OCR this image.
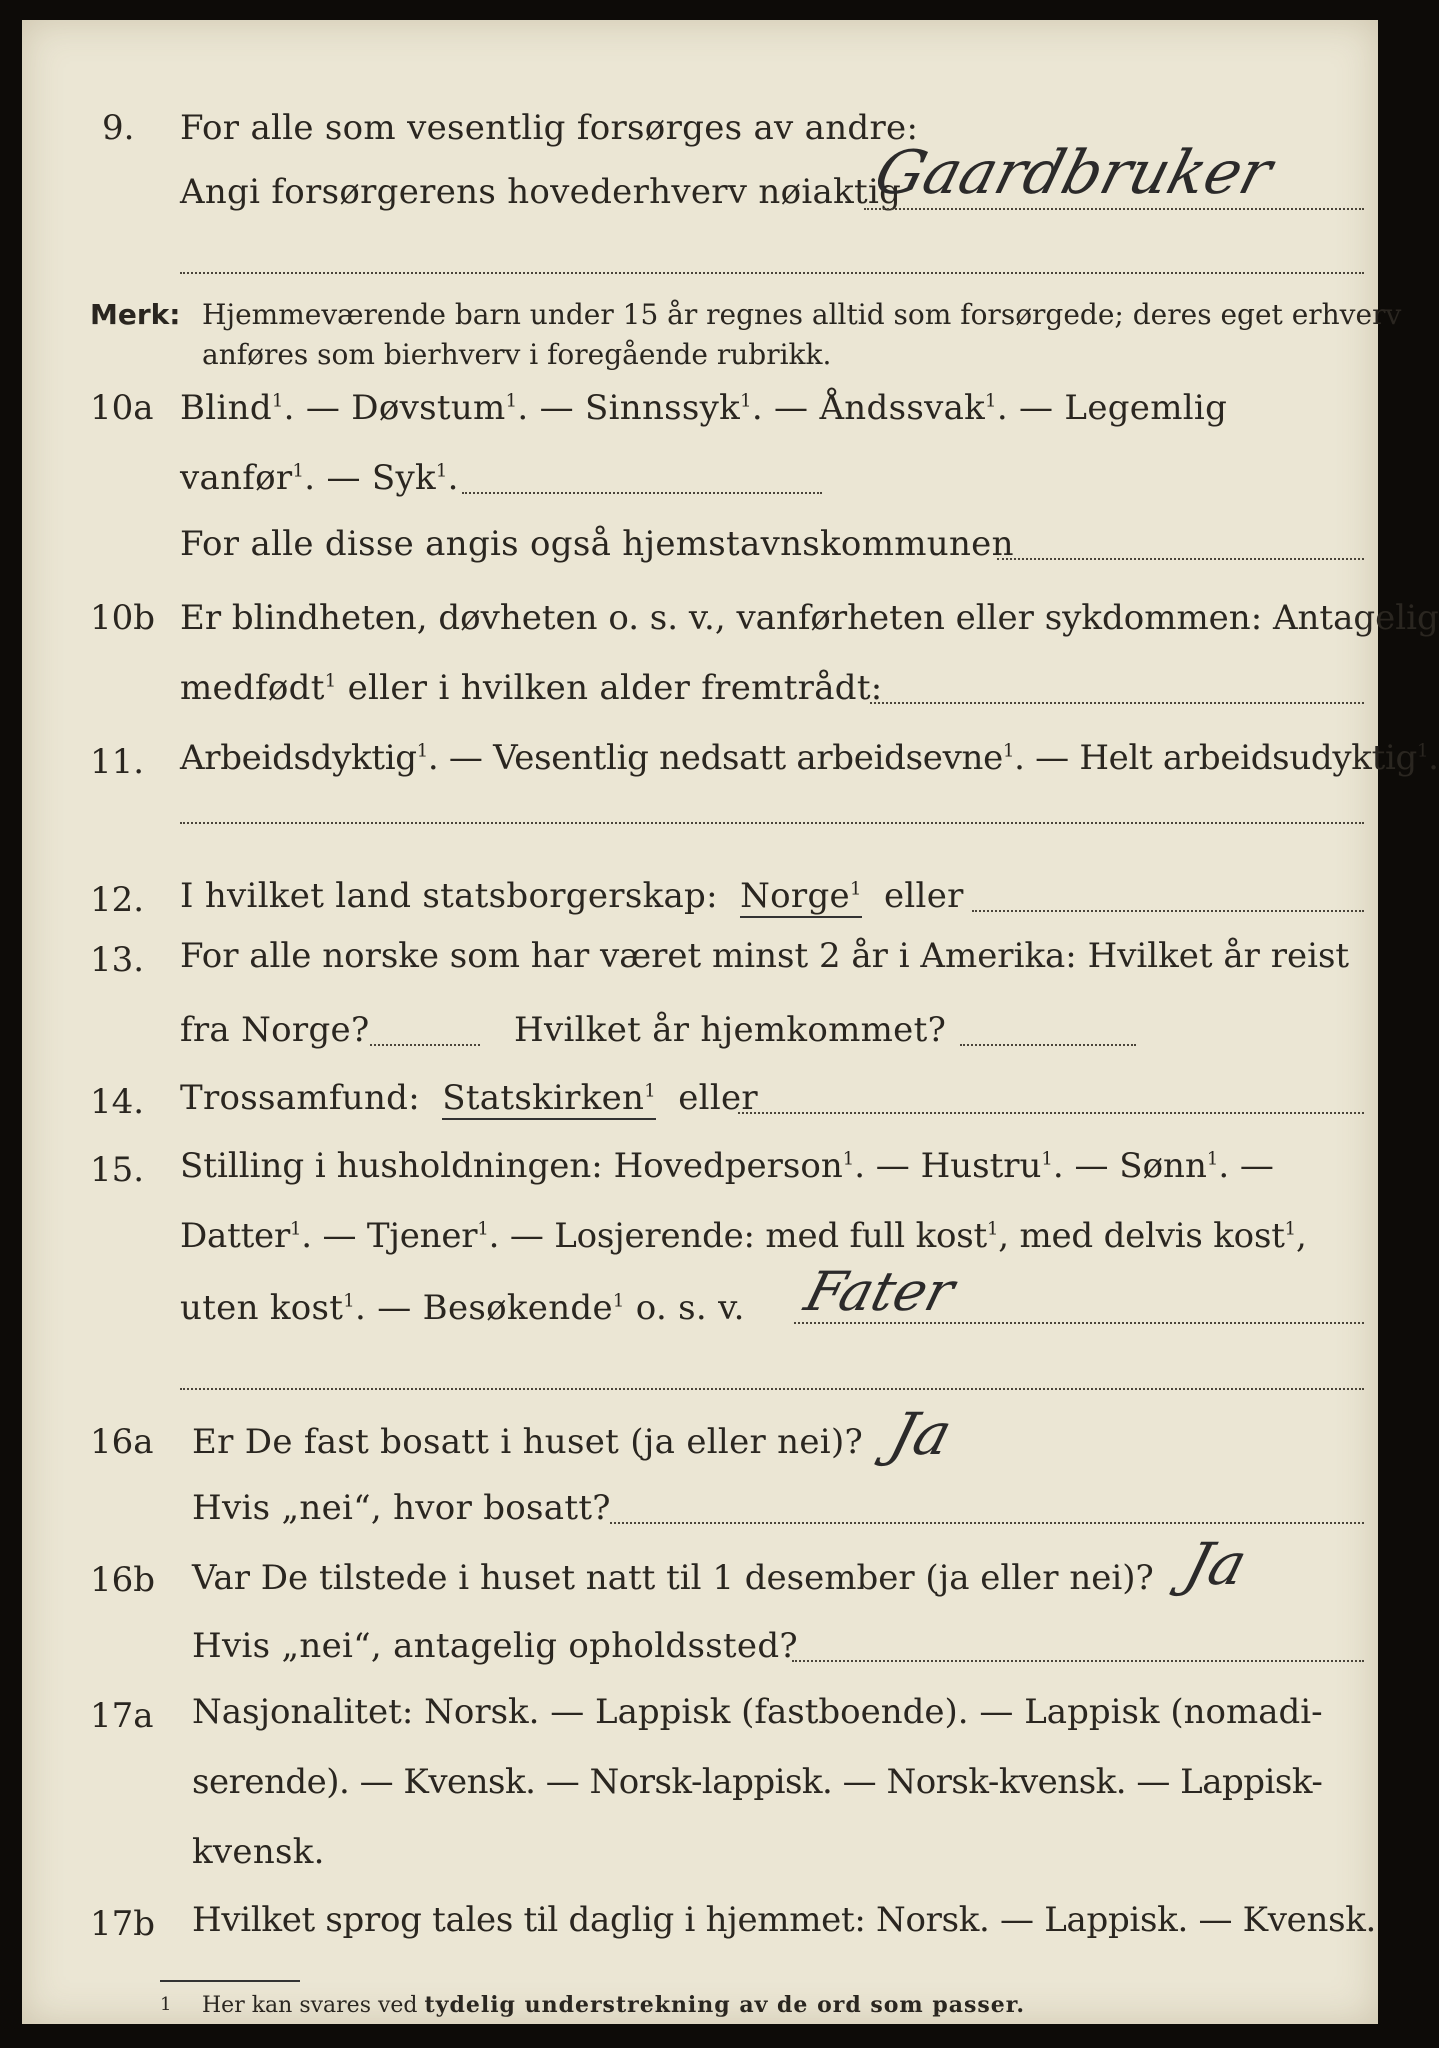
9. For alle som vesentlig forsørges av andre:
Angi forsørgerens hovederhverv nøiaktig
Gaardbruker
Merk: Hjemmeværende barn under 15 år regnes alltid som forsørgede; deres eget erhverv
anføres som bierhverv i foregående rubrikk.
10a Blind$^1$. — Døvstum$^1$. — Sinnssyk$^1$. — Åndssvak$^1$. — Legemlig
vanfør$^1$. — Syk$^1$.
For alle disse angis også hjemstavnskommunen
10b Er blindheten, døvheten o. s. v., vanførheten eller sykdommen: Antagelig
medfødt$^1$ eller i hvilken alder fremtrådt:
11. Arbeidsdyktig$^1$. — Vesentlig nedsatt arbeidsevne$^1$. — Helt arbeidsudyktig$^1$.
12. I hvilket land statsborgerskap: Norge$^1$ eller
13. For alle norske som har været minst 2 år i Amerika: Hvilket år reist
fra Norge?	Hvilket år hjemkommet?
14. Trossamfund: Statskirken$^1$ eller
15. Stilling i husholdningen: Hovedperson$^1$. — Hustru$^1$. — Sønn$^1$. —
Datter$^1$. — Tjener$^1$. — Losjerende: med full kost$^1$, med delvis kost$^1$,
uten kost$^1$. — Besøkende$^1$ o. s. v. Fater
16a Er De fast bosatt i huset (ja eller nei)? Ja
Hvis „nei“, hvor bosatt?
16b Var De tilstede i huset natt til 1 desember (ja eller nei)? Ja
Hvis „nei“, antagelig opholdssted?
17a Nasjonalitet: Norsk. — Lappisk (fastboende). — Lappisk (nomadi-
serende). — Kvensk. — Norsk-lappisk. — Norsk-kvensk. — Lappisk-
kvensk.
17b Hvilket sprog tales til daglig i hjemmet: Norsk. — Lappisk. — Kvensk.
1 Her kan svares ved tydelig understrekning av de ord som passer.
